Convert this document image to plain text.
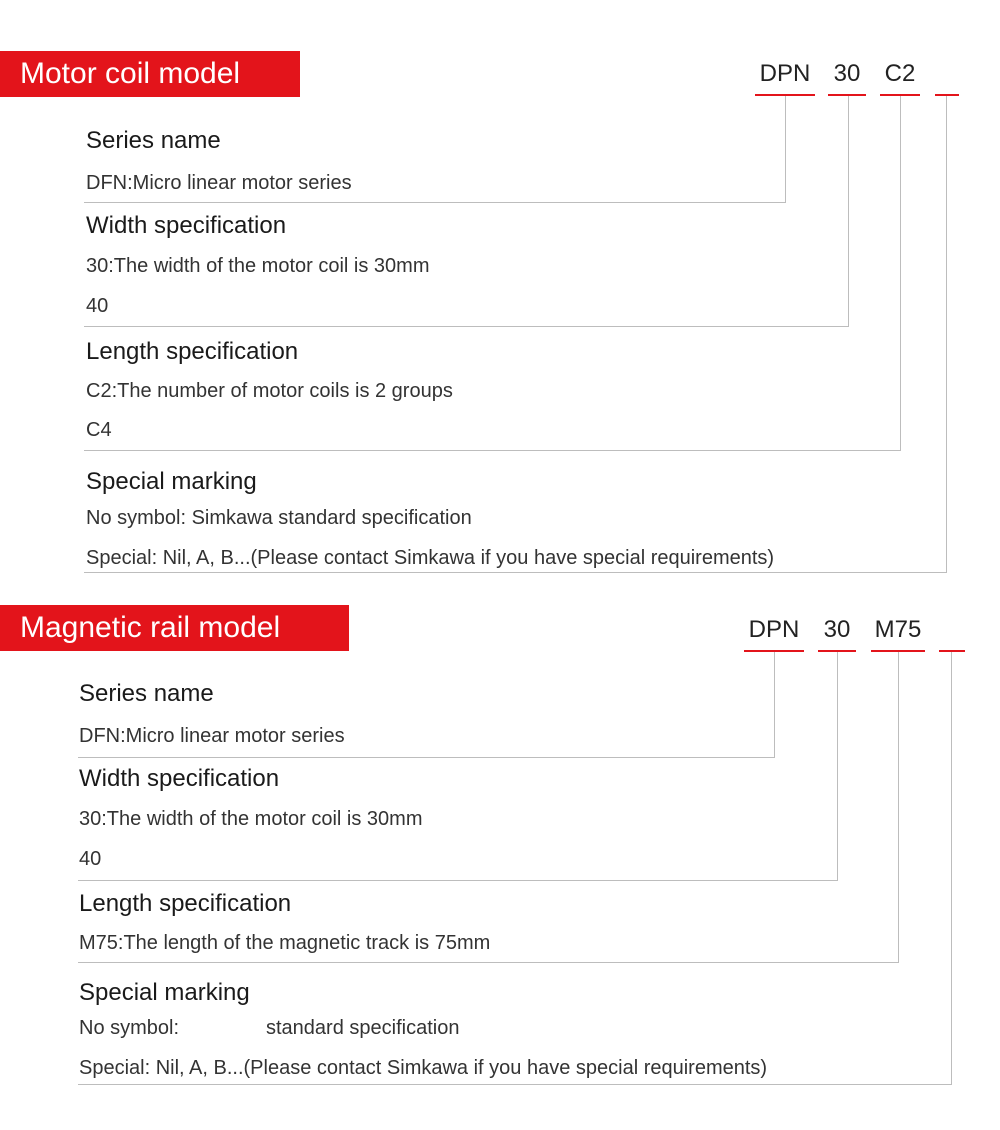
Motor coil model	DPN 30 C2
Series name
DFN:Micro linear motor series
Width specification
30:The width of the motor coil is 30mm
40
Length specification
C2:The number of motor coils is 2 groups
C4
Special marking
No symbol: Simkawa standard specification
Special: Nil, A, B...(Please contact Simkawa if you have special requirements)
Magnetic rail model	DPN 30 M75
Series name
DFN:Micro linear motor series
Width specification
30:The width of the motor coil is 30mm
40
Length specification
M75:The length of the magnetic track is 75mm
Special marking
No symbol:	standard specification
Special: Nil, A, B...(Please contact Simkawa if you have special requirements)
